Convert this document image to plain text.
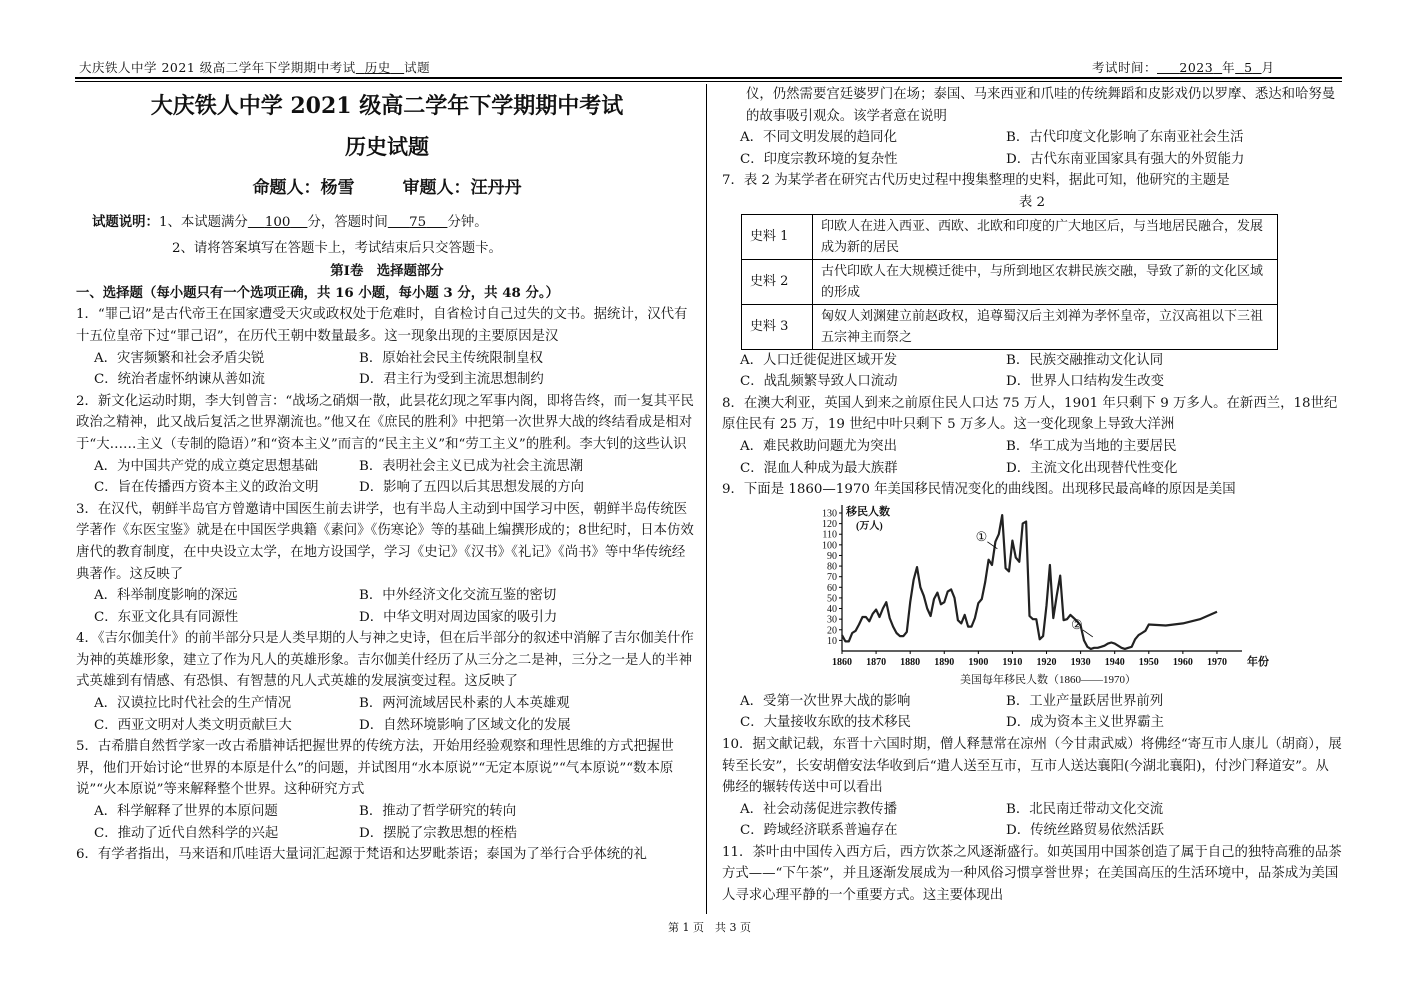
大庆铁人中学 2021 级高二学年下学期期中考试 历史 试题	考试时间： 2023 年 5 月
大庆铁人中学 2021 级高二学年下学期期中考试
历史试题
命题人：杨雪	审题人：汪丹丹
试题说明：1、本试题满分 100 分，答题时间 75 分钟。
2、请将答案填写在答题卡上，考试结束后只交答题卡。
第Ⅰ卷　选择题部分
一、选择题（每小题只有一个选项正确，共 16 小题，每小题 3 分，共 48 分。）
1．“罪己诏”是古代帝王在国家遭受天灾或政权处于危难时，自省检讨自己过失的文书。据统计，汉代有十五位皇帝下过“罪己诏”，在历代王朝中数量最多。这一现象出现的主要原因是汉
A．灾害频繁和社会矛盾尖锐	B．原始社会民主传统限制皇权
C．统治者虚怀纳谏从善如流	D．君主行为受到主流思想制约
2．新文化运动时期，李大钊曾言：“战场之硝烟一散，此昙花幻现之军事内阁，即将告终，而一复其平民政治之精神，此又战后复活之世界潮流也。”他又在《庶民的胜利》中把第一次世界大战的终结看成是相对于“大……主义（专制的隐语）”和“资本主义”而言的“民主主义”和“劳工主义”的胜利。李大钊的这些认识
A．为中国共产党的成立奠定思想基础	B．表明社会主义已成为社会主流思潮
C．旨在传播西方资本主义的政治文明	D．影响了五四以后其思想发展的方向
3．在汉代，朝鲜半岛官方曾邀请中国医生前去讲学，也有半岛人主动到中国学习中医，朝鲜半岛传统医学著作《东医宝鉴》就是在中国医学典籍《素问》《伤寒论》等的基础上编撰形成的；8世纪时，日本仿效唐代的教育制度，在中央设立太学，在地方设国学，学习《史记》《汉书》《礼记》《尚书》等中华传统经典著作。这反映了
A．科举制度影响的深远	B．中外经济文化交流互鉴的密切
C．东亚文化具有同源性	D．中华文明对周边国家的吸引力
4．《吉尔伽美什》的前半部分只是人类早期的人与神之史诗，但在后半部分的叙述中消解了吉尔伽美什作为神的英雄形象，建立了作为凡人的英雄形象。吉尔伽美什经历了从三分之二是神，三分之一是人的半神式英雄到有情感、有恐惧、有智慧的凡人式英雄的发展演变过程。这反映了
A．汉谟拉比时代社会的生产情况	B．两河流域居民朴素的人本英雄观
C．西亚文明对人类文明贡献巨大	D．自然环境影响了区域文化的发展
5．古希腊自然哲学家一改古希腊神话把握世界的传统方法，开始用经验观察和理性思维的方式把握世界，他们开始讨论“世界的本原是什么”的问题，并试图用“水本原说”“无定本原说”“气本原说”“数本原说”“火本原说”等来解释整个世界。这种研究方式
A．科学解释了世界的本原问题	B．推动了哲学研究的转向
C．推动了近代自然科学的兴起	D．摆脱了宗教思想的桎梏
6．有学者指出，马来语和爪哇语大量词汇起源于梵语和达罗毗荼语；泰国为了举行合乎体统的礼
仪，仍然需要宫廷婆罗门在场；泰国、马来西亚和爪哇的传统舞蹈和皮影戏仍以罗摩、悉达和哈努曼的故事吸引观众。该学者意在说明
A．不同文明发展的趋同化	B．古代印度文化影响了东南亚社会生活
C．印度宗教环境的复杂性	D．古代东南亚国家具有强大的外贸能力
7．表 2 为某学者在研究古代历史过程中搜集整理的史料，据此可知，他研究的主题是
表 2
史料 1	印欧人在进入西亚、西欧、北欧和印度的广大地区后，与当地居民融合，发展成为新的居民
史料 2	古代印欧人在大规模迁徙中，与所到地区农耕民族交融，导致了新的文化区域的形成
史料 3	匈奴人刘渊建立前赵政权，追尊蜀汉后主刘禅为孝怀皇帝，立汉高祖以下三祖五宗神主而祭之
A．人口迁徙促进区域开发	B．民族交融推动文化认同
C．战乱频繁导致人口流动	D．世界人口结构发生改变
8．在澳大利亚，英国人到来之前原住民人口达 75 万人，1901 年只剩下 9 万多人。在新西兰，18世纪原住民有 25 万，19 世纪中叶只剩下 5 万多人。这一变化现象上导致大洋洲
A．难民救助问题尤为突出	B．华工成为当地的主要居民
C．混血人种成为最大族群	D．主流文化出现替代性变化
9．下面是 1860—1970 年美国移民情况变化的曲线图。出现移民最高峰的原因是美国
10
20
30
40
50
60
70
80
90
100
110
120
130
1860 1870 1880 1890 1900 1910 1920 1930 1940 1950 1960 1970 年份
移民人数
(万人)
①
②
美国每年移民人数（1860——1970）
A．受第一次世界大战的影响	B．工业产量跃居世界前列
C．大量接收东欧的技术移民	D．成为资本主义世界霸主
10．据文献记载，东晋十六国时期，僧人释慧常在凉州（今甘肃武威）将佛经“寄互市人康儿（胡商），展转至长安”，长安胡僧安法华收到后“遣人送至互市，互市人送达襄阳(今湖北襄阳)，付沙门释道安”。从佛经的辗转传送中可以看出
A．社会动荡促进宗教传播	B．北民南迁带动文化交流
C．跨域经济联系普遍存在	D．传统丝路贸易依然活跃
11．茶叶由中国传入西方后，西方饮茶之风逐渐盛行。如英国用中国茶创造了属于自己的独特高雅的品茶方式——“下午茶”，并且逐渐发展成为一种风俗习惯享誉世界；在美国高压的生活环境中，品茶成为美国人寻求心理平静的一个重要方式。这主要体现出
第 1 页　共 3 页
